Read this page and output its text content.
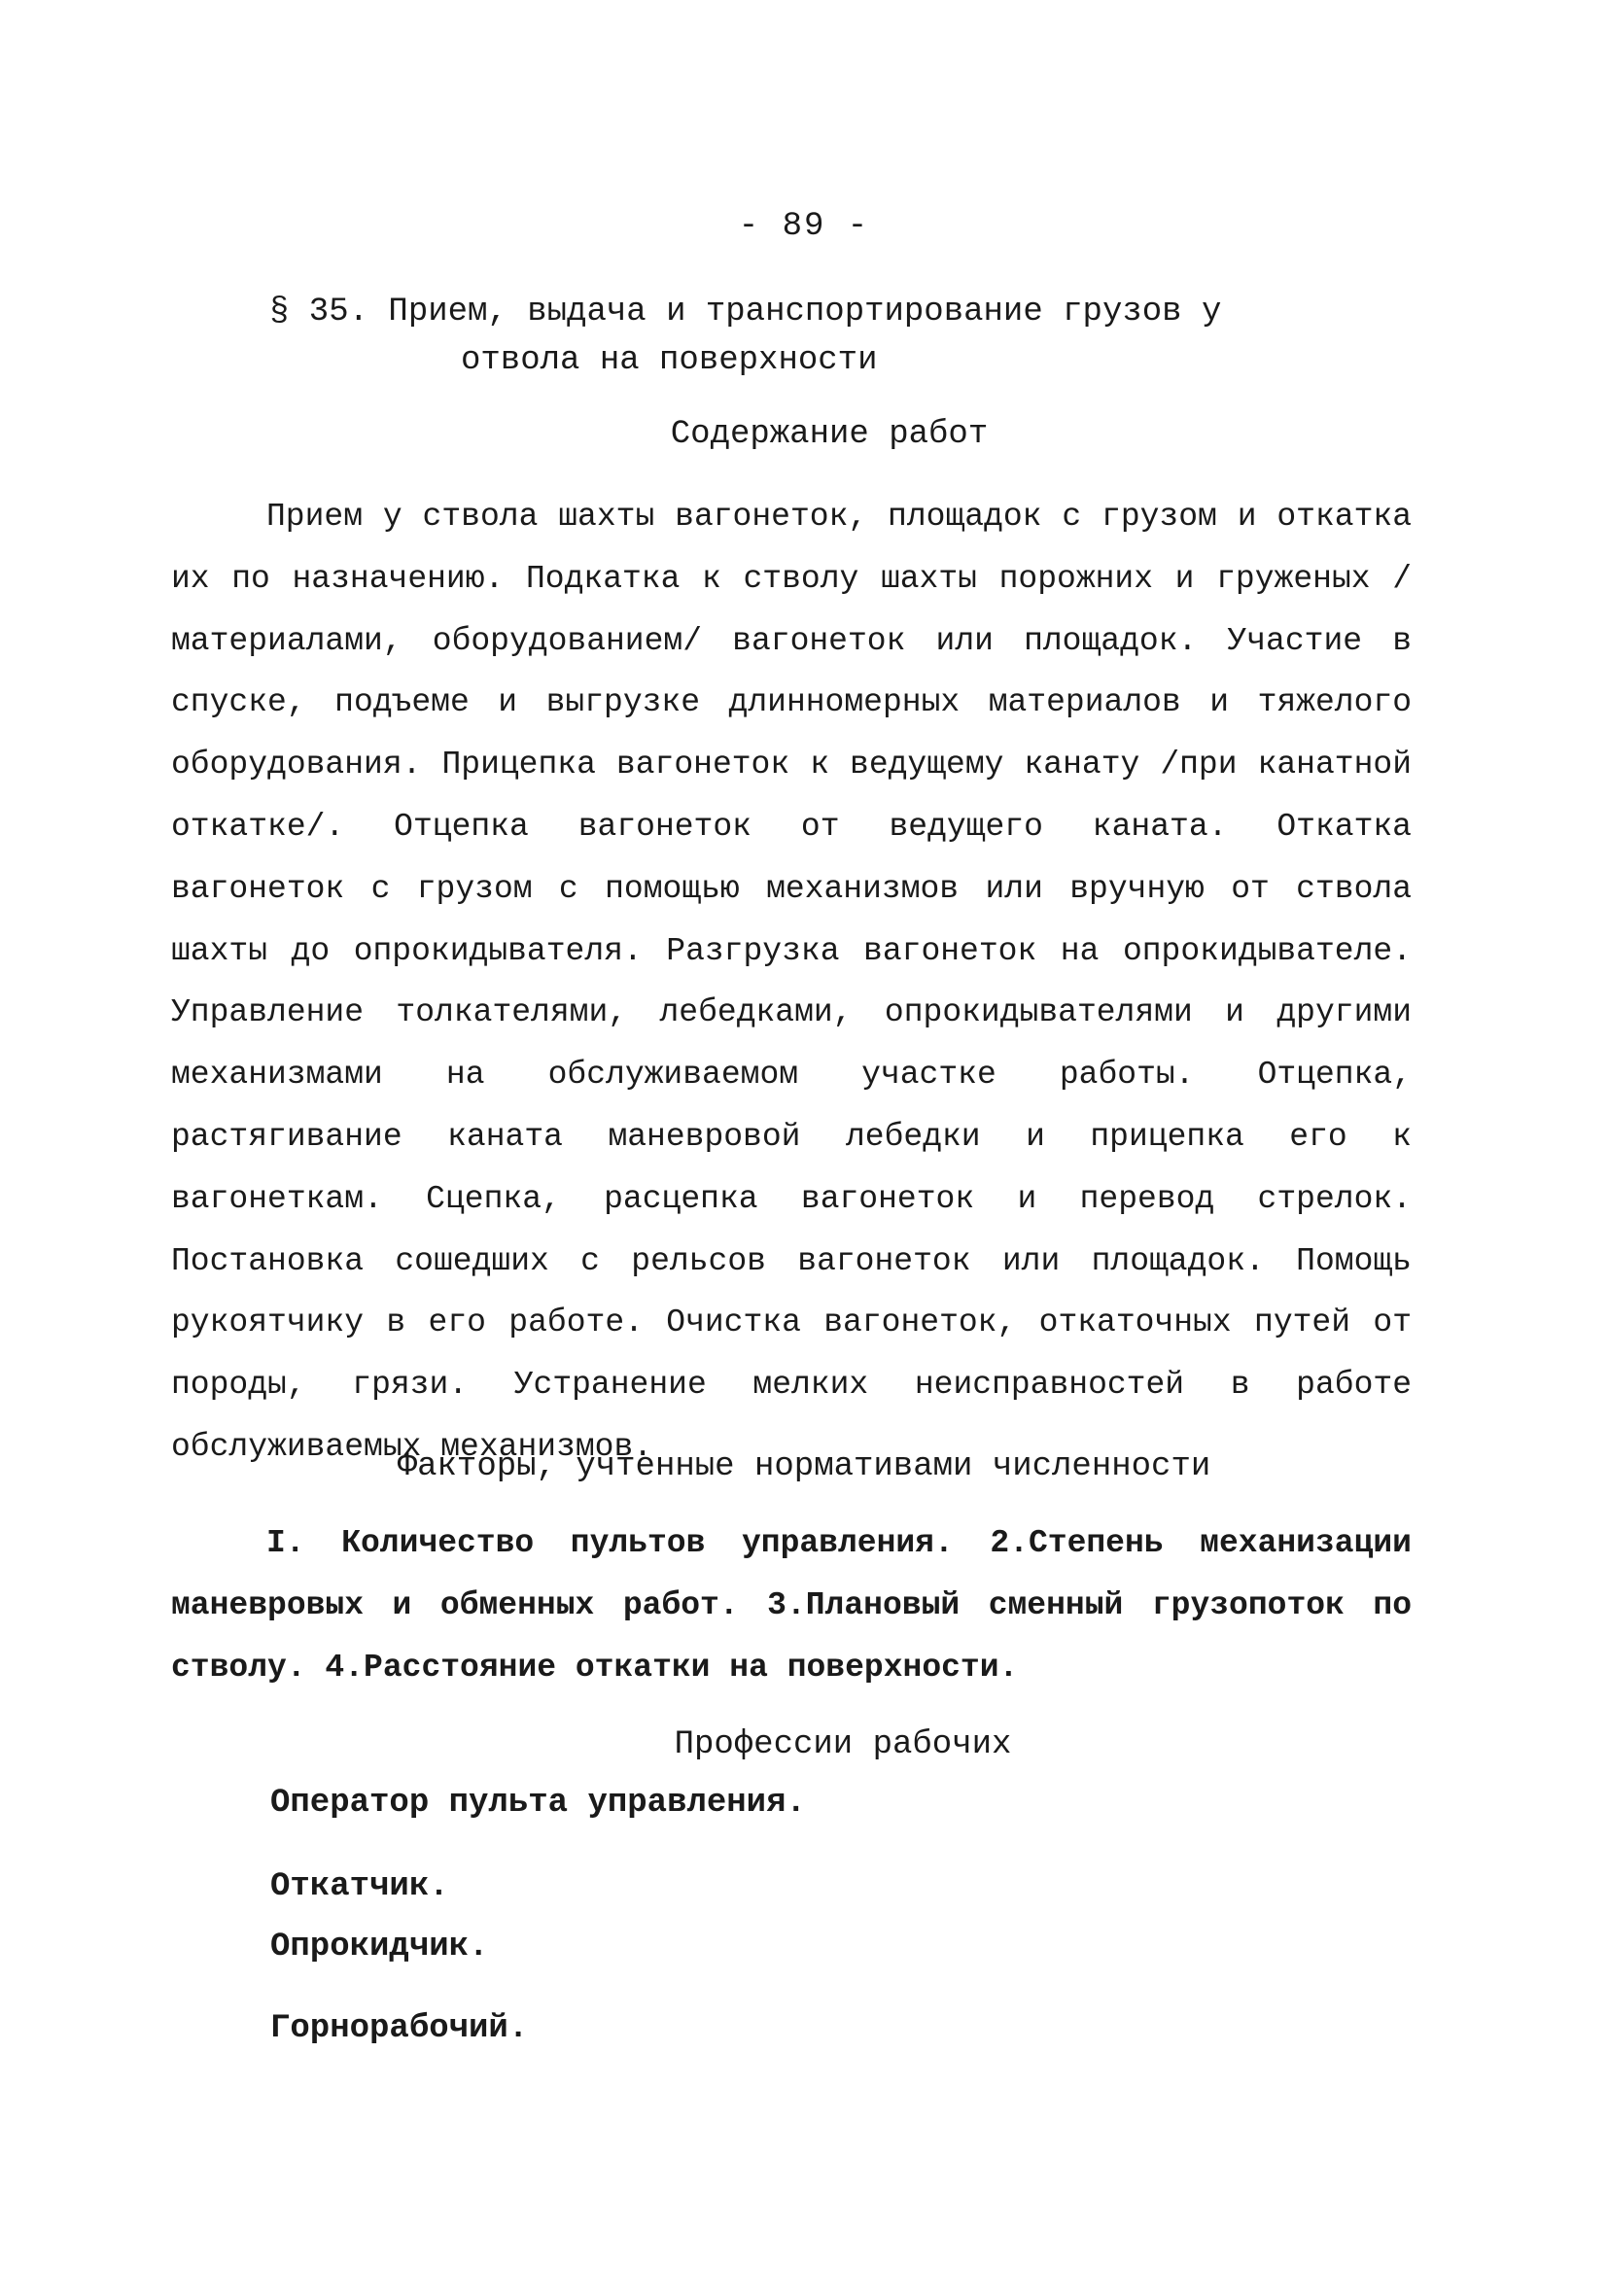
- 89 -
§ 35. Прием, выдача и транспортирование грузов у
отвола на поверхности
Содержание работ

Прием у ствола шахты вагонеток, площадок с грузом и откатка их по назначению. Подкатка к стволу шахты порожних и груженых /материалами, оборудованием/ вагонеток или площадок. Участие в спуске, подъеме и выгрузке длинномерных материалов и тяжелого оборудования. Прицепка вагонеток к ведущему канату /при канатной откатке/. Отцепка вагонеток от ведущего каната. Откатка вагонеток с грузом с помощью механизмов или вручную от ствола шахты до опрокидывателя. Разгрузка вагонеток на опрокидывателе. Управление толкателями, лебедками, опрокидывателями и другими механизмами на обслуживаемом участке работы. Отцепка, растягивание каната маневровой лебедки и прицепка его к вагонеткам. Сцепка, расцепка вагонеток и перевод стрелок. Постановка сошедших с рельсов вагонеток или площадок. Помощь рукоятчику в его работе. Очистка вагонеток, откаточных путей от породы, грязи. Устранение мелких неисправностей в работе обслуживаемых механизмов.

Факторы, учтенные нормативами численности

I. Количество пультов управления. 2.Степень механизации маневровых и обменных работ. 3.Плановый сменный грузопоток по стволу. 4.Расстояние откатки на поверхности.

Профессии рабочих
Оператор пульта управления.
Откатчик.
Опрокидчик.
Горнорабочий.
